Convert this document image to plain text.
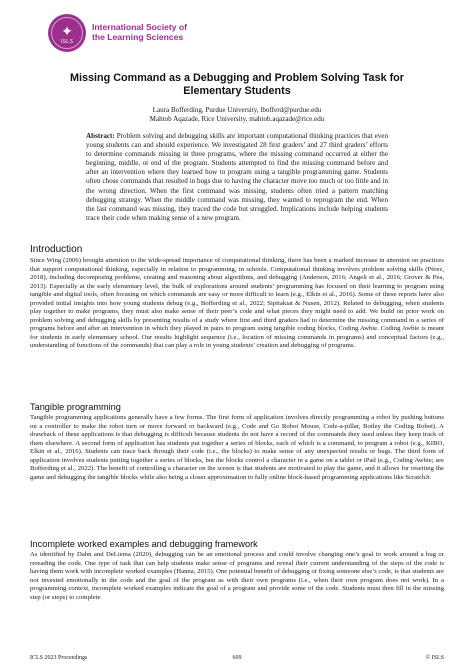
✦
ISLS
International Society of
the Learning Sciences
Missing Command as a Debugging and Problem Solving Task for
Elementary Students
Laura Bofferding, Purdue University, lbofferd@purdue.edu
Mahtob Aqazade, Rice University, mahtob.aqazade@rice.edu
Abstract: Problem solving and debugging skills are important computational thinking practices that even young students can and should experience. We investigated 28 first graders’ and 27 third graders’ efforts to determine commands missing in three programs, where the missing command occurred at either the beginning, middle, or end of the program. Students attempted to find the missing command before and after an intervention where they learned how to program using a tangible programming game. Students often chose commands that resulted in bugs due to having the character move too much or too little and in the wrong direction. When the first command was missing, students often tried a pattern matching debugging strategy. When the middle command was missing, they wanted to reprogram the end. When the last command was missing, they traced the code but struggled. Implications include helping students trace their code when making sense of a new program.
Introduction
Since Wing (2006) brought attention to the wide-spread importance of computational thinking, there has been a marked increase in attention on practices that support computational thinking, especially in relation to programming, in schools. Computational thinking involves problem solving skills (Pérez, 2018), including decomposing problems, creating and reasoning about algorithms, and debugging (Anderson, 2016; Angeli et al., 2016; Grover & Pea, 2013). Especially at the early elementary level, the bulk of explorations around students’ programming has focused on their learning to program using tangible and digital tools, often focusing on which commands are easy or more difficult to learn (e.g., Elkin et al., 2016). Some of these reports have also provided initial insights into how young students debug (e.g., Bofferding et al., 2022; Sipitakiat & Nusen, 2012). Related to debugging, when students play together to make programs, they must also make sense of their peer’s code and what pieces they might need to add. We build on prior work on problem solving and debugging skills by presenting results of a study where first and third graders had to determine the missing command in a series of programs before and after an intervention in which they played in pairs to program using tangible coding blocks, Coding Awbie. Coding Awbie is meant for students in early elementary school. Our results highlight sequence (i.e., location of missing commands in programs) and conceptual factors (e.g., understanding of functions of the commands) that can play a role in young students’ creation and debugging of programs.
Tangible programming
Tangible programming applications generally have a few forms. The first form of application involves directly programming a robot by pushing buttons on a controller to make the robot turn or move forward or backward (e.g., Code and Go Robot Mouse, Code-a-pillar, Botley the Coding Robot). A drawback of these applications is that debugging is difficult because students do not have a record of the commands they used unless they keep track of them elsewhere. A second form of application has students put together a series of blocks, each of which is a command, to program a robot (e.g., KIBO, Elkin et al., 2016). Students can trace back through their code (i.e., the blocks) to make sense of any unexpected results or bugs. The third form of application involves students putting together a series of blocks, but the blocks control a character in a game on a tablet or iPad (e.g., Coding Awbie; see Bofferding et al., 2022). The benefit of controlling a character on the screen is that students are motivated to play the game, and it allows for resetting the game and debugging the tangible blocks while also being a closer approximation to fully online block-based programming applications like ScratchJr.
Incomplete worked examples and debugging framework
As identified by Dahn and DeLiema (2020), debugging can be an emotional process and could involve changing one’s goal to work around a bug or rereading the code. One type of task that can help students make sense of programs and reveal their current understanding of the steps of the code is having them work with incomplete worked examples (Hanna, 2015). One potential benefit of debugging or fixing someone else’s code, is that students are not invested emotionally in the code and the goal of the program as with their own programs (i.e., when their own program does not work). In a programming context, incomplete worked examples indicate the goal of a program and provide some of the code. Students must then fill in the missing step (or steps) to complete
ICLS 2023 Proceedings	609	© ISLS
